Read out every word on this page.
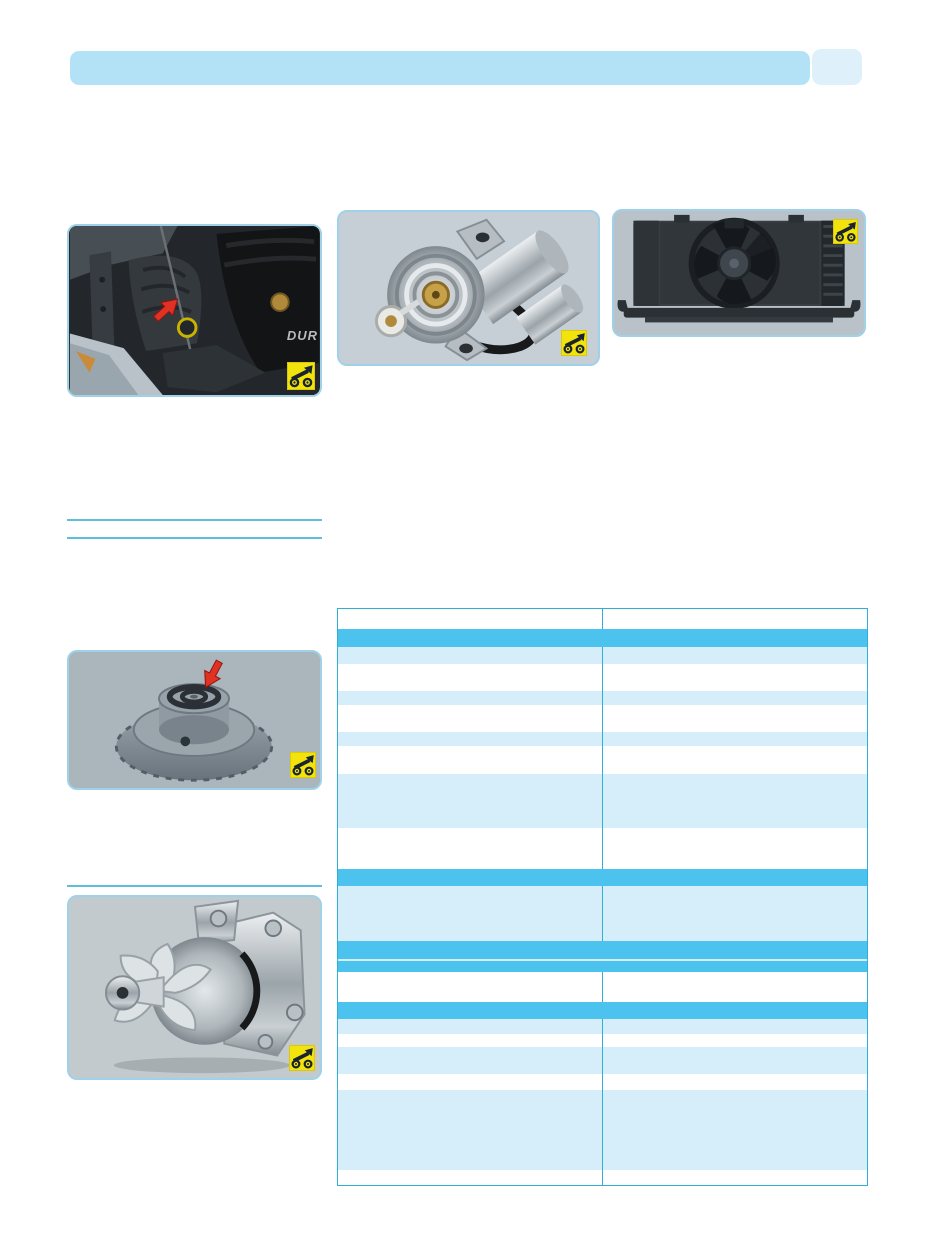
DUR
